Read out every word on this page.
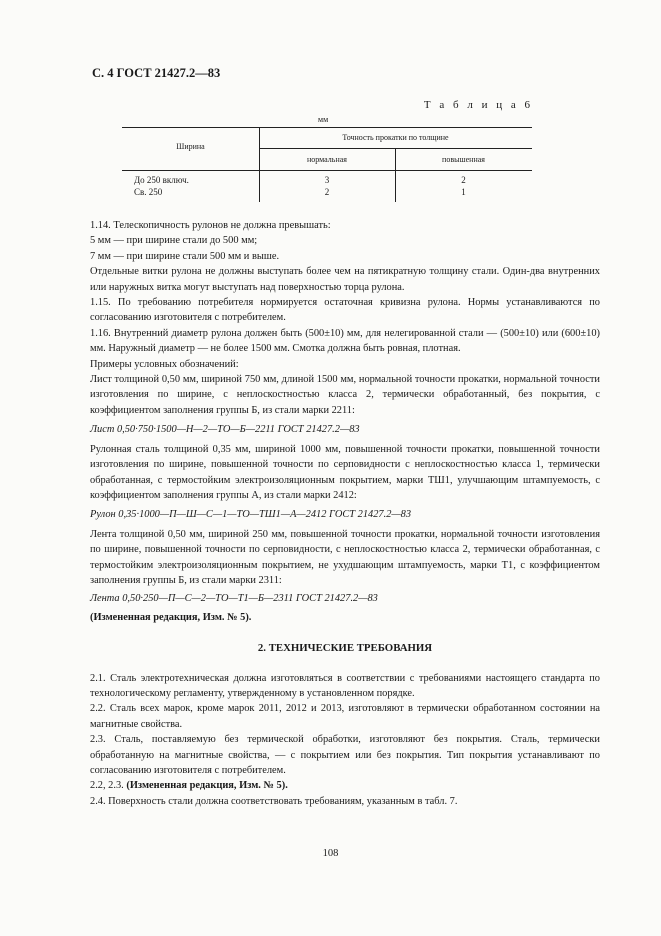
С. 4 ГОСТ 21427.2—83
Т а б л и ц а 6
мм
Ширина
Точность прокатки по толщине
нормальная	повышенная
До 250 включ.	3	2
Св. 250	2	1

1.14. Телескопичность рулонов не должна превышать:

5 мм — при ширине стали до 500 мм;

7 мм — при ширине стали 500 мм и выше.

Отдельные витки рулона не должны выступать более чем на пятикратную толщину стали. Один-два внутренних или наружных витка могут выступать над поверхностью торца рулона.

1.15. По требованию потребителя нормируется остаточная кривизна рулона. Нормы устанавливаются по согласованию изготовителя с потребителем.

1.16. Внутренний диаметр рулона должен быть (500±10) мм, для нелегированной стали — (500±10) или (600±10) мм. Наружный диаметр — не более 1500 мм. Смотка должна быть ровная, плотная.

Примеры условных обозначений:

Лист толщиной 0,50 мм, шириной 750 мм, длиной 1500 мм, нормальной точности прокатки, нормальной точности изготовления по ширине, с неплоскостностью класса 2, термически обработанный, без покрытия, с коэффициентом заполнения группы Б, из стали марки 2211:

Лист 0,50·750·1500—Н—2—ТО—Б—2211 ГОСТ 21427.2—83

Рулонная сталь толщиной 0,35 мм, шириной 1000 мм, повышенной точности прокатки, повышенной точности изготовления по ширине, повышенной точности по серповидности с неплоскостностью класса 1, термически обработанная, с термостойким электроизоляционным покрытием, марки ТШ1, улучшающим штампуемость, с коэффициентом заполнения группы А, из стали марки 2412:

Рулон 0,35·1000—П—Ш—С—1—ТО—ТШ1—А—2412 ГОСТ 21427.2—83

Лента толщиной 0,50 мм, шириной 250 мм, повышенной точности прокатки, нормальной точности изготовления по ширине, повышенной точности по серповидности, с неплоскостностью класса 2, термически обработанная, с термостойким электроизоляционным покрытием, не ухудшающим штампуемость, марки Т1, с коэффициентом заполнения группы Б, из стали марки 2311:

Лента 0,50·250—П—С—2—ТО—Т1—Б—2311 ГОСТ 21427.2—83

(Измененная редакция, Изм. № 5).

2. ТЕХНИЧЕСКИЕ ТРЕБОВАНИЯ

2.1. Сталь электротехническая должна изготовляться в соответствии с требованиями настоящего стандарта по технологическому регламенту, утвержденному в установленном порядке.

2.2. Сталь всех марок, кроме марок 2011, 2012 и 2013, изготовляют в термически обработанном состоянии на магнитные свойства.

2.3. Сталь, поставляемую без термической обработки, изготовляют без покрытия. Сталь, термически обработанную на магнитные свойства, — с покрытием или без покрытия. Тип покрытия устанавливают по согласованию изготовителя с потребителем.

2.2, 2.3. (Измененная редакция, Изм. № 5).

2.4. Поверхность стали должна соответствовать требованиям, указанным в табл. 7.

108
